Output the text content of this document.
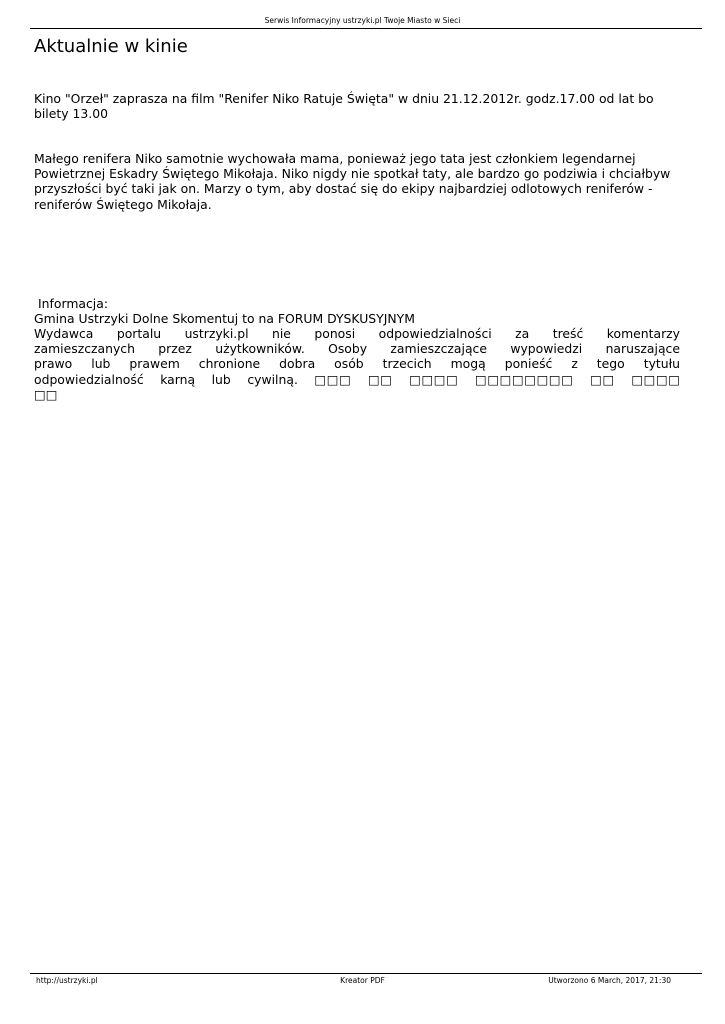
Serwis Informacyjny ustrzyki.pl Twoje Miasto w Sieci
Aktualnie w kinie

Kino "Orzeł" zaprasza na film "Renifer Niko Ratuje Święta" w dniu 21.12.2012r. godz.17.00 od lat bo bilety 13.00

Małego renifera Niko samotnie wychowała mama, ponieważ jego tata jest członkiem legendarnej Powietrznej Eskadry Świętego Mikołaja. Niko nigdy nie spotkał taty, ale bardzo go podziwia i chciałbyw przyszłości być taki jak on. Marzy o tym, aby dostać się do ekipy najbardziej odlotowych reniferów - reniferów Świętego Mikołaja.

Informacja:
Gmina Ustrzyki Dolne Skomentuj to na FORUM DYSKUSYJNYM

Wydawca portalu ustrzyki.pl nie ponosi odpowiedzialności za treść komentarzy zamieszczanych przez użytkowników. Osoby zamieszczające wypowiedzi naruszające prawo lub prawem chronione dobra osób trzecich mogą ponieść z tego tytułu odpowiedzialność karną lub cywilną. □□□ □□ □□□□ □□□□□□□□ □□ □□□□ □□

http://ustrzyki.pl	Kreator PDF	Utworzono 6 March, 2017, 21:30
